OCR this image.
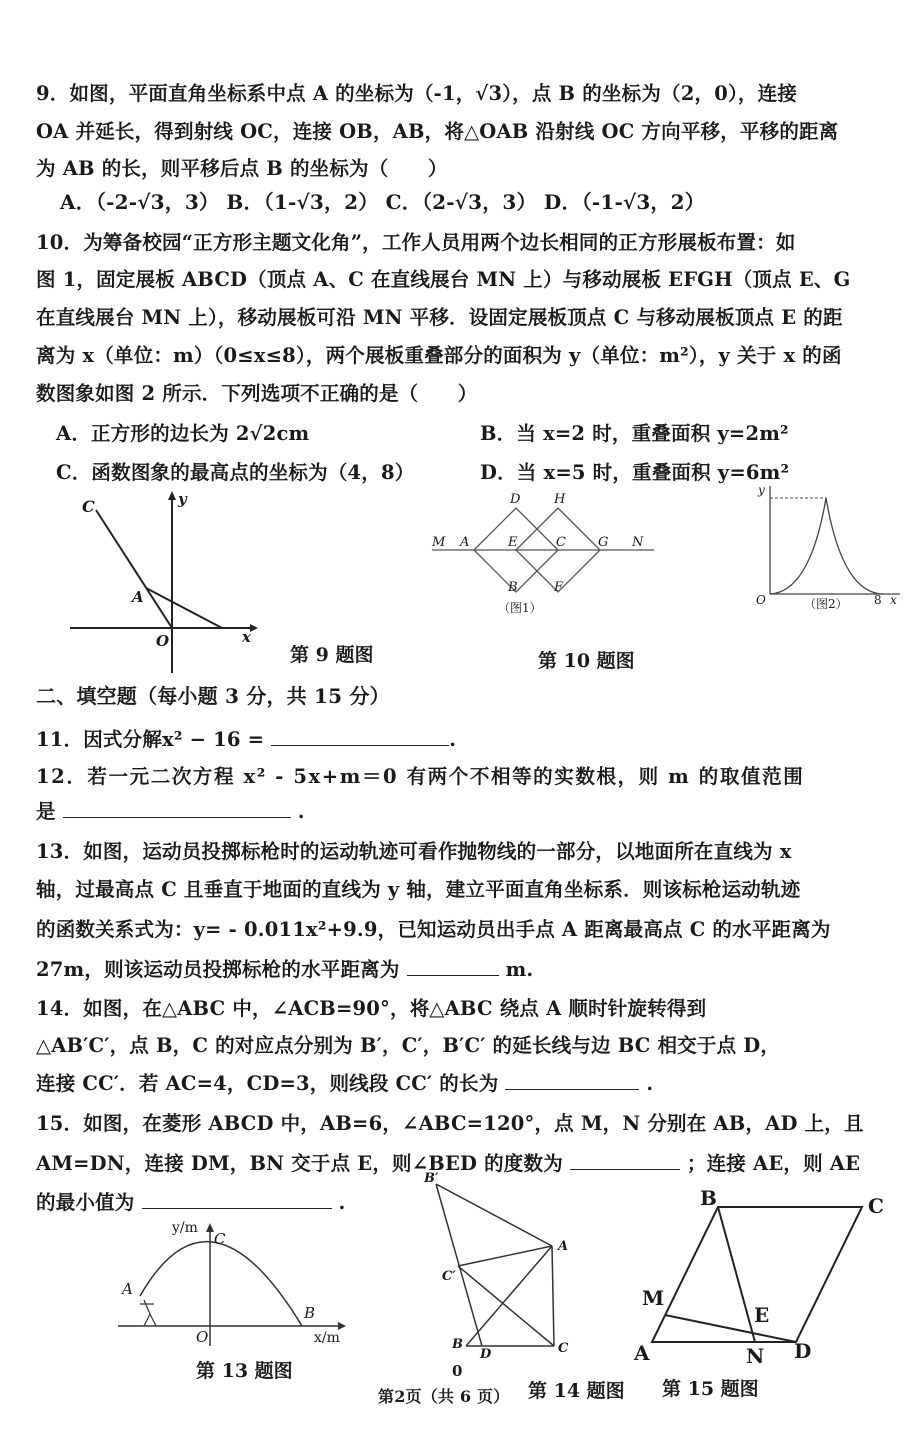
9．如图，平面直角坐标系中点 A 的坐标为（-1，√3），点 B 的坐标为（2，0），连接
OA 并延长，得到射线 OC，连接 OB，AB，将△OAB 沿射线 OC 方向平移，平移的距离
为 AB 的长，则平移后点 B 的坐标为（　　）
A．（-2-√3，3） B．（1-√3，2） C．（2-√3，3） D．（-1-√3，2）
10．为筹备校园“正方形主题文化角”，工作人员用两个边长相同的正方形展板布置：如
图 1，固定展板 ABCD（顶点 A、C 在直线展台 MN 上）与移动展板 EFGH（顶点 E、G
在直线展台 MN 上），移动展板可沿 MN 平移．设固定展板顶点 C 与移动展板顶点 E 的距
离为 x（单位：m）（0≤x≤8），两个展板重叠部分的面积为 y（单位：m²），y 关于 x 的函
数图象如图 2 所示．下列选项不正确的是（　　）
A．正方形的边长为 2√2cm	B．当 x=2 时，重叠面积 y=2m²
C．函数图象的最高点的坐标为（4，8）	D．当 x=5 时，重叠面积 y=6m²
C
A
O	x
y
第 9 题图
D	H
M A	E	C G N
B	F
（图1）
y
O	8 x
（图2）
第 10 题图
二、填空题（每小题 3 分，共 15 分）
11．因式分解x² − 16 =	.
12．若一元二次方程 x² - 5x+m＝0 有两个不相等的实数根，则 m 的取值范围
是	.
13．如图，运动员投掷标枪时的运动轨迹可看作抛物线的一部分，以地面所在直线为 x
轴，过最高点 C 且垂直于地面的直线为 y 轴，建立平面直角坐标系．则该标枪运动轨迹
的函数关系式为：y= - 0.011x²+9.9，已知运动员出手点 A 距离最高点 C 的水平距离为
27m，则该运动员投掷标枪的水平距离为	m.
14．如图，在△ABC 中，∠ACB=90°，将△ABC 绕点 A 顺时针旋转得到
△AB′C′，点 B，C 的对应点分别为 B′，C′，B′C′ 的延长线与边 BC 相交于点 D，
连接 CC′．若 AC=4，CD=3，则线段 CC′ 的长为	.
15．如图，在菱形 ABCD 中，AB=6，∠ABC=120°，点 M，N 分别在 AB，AD 上，且
AM=DN，连接 DM，BN 交于点 E，则∠BED 的度数为	；连接 AE，则 AE
的最小值为	.
y/m
C
A
O
B
x/m
第 13 题图
B′
A
C′
B
D	C
第 14 题图
0
B	C
M
E
A	N D
第 15 题图
第2页（共 6 页）
